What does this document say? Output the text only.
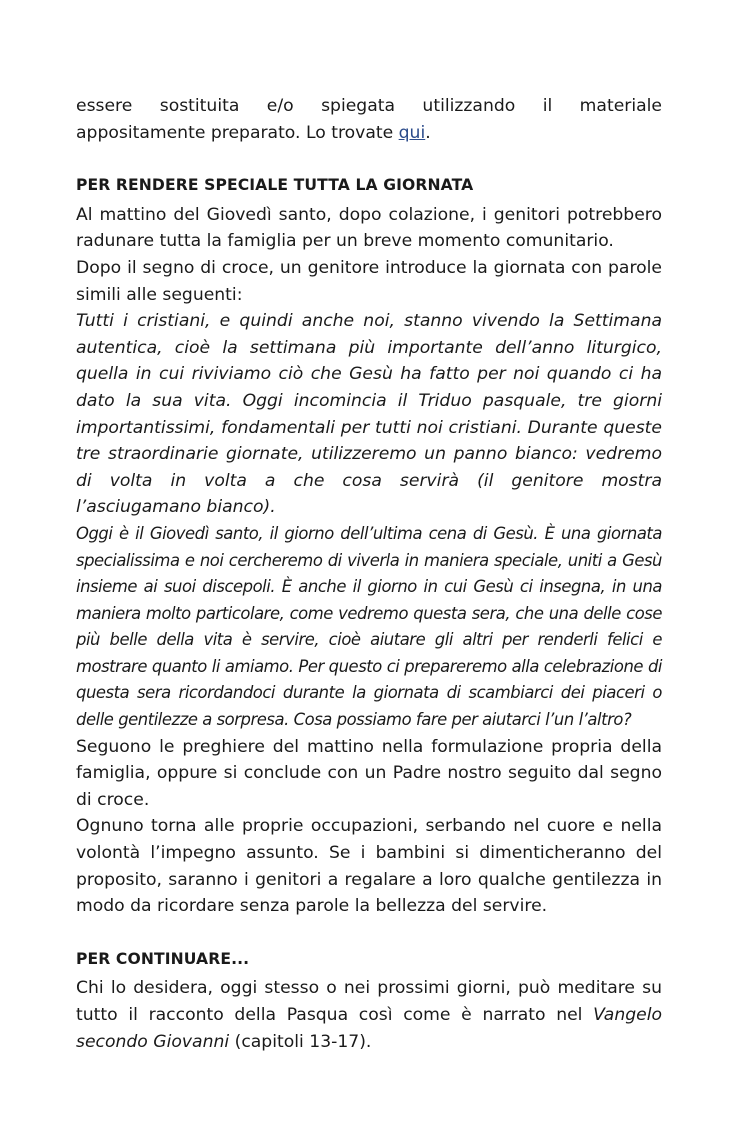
essere sostituita e/o spiegata utilizzando il materiale appositamente preparato. Lo trovate qui.

PER RENDERE SPECIALE TUTTA LA GIORNATA

Al mattino del Giovedì santo, dopo colazione, i genitori potrebbero radunare tutta la famiglia per un breve momento comunitario.

Dopo il segno di croce, un genitore introduce la giornata con parole simili alle seguenti:

Tutti i cristiani, e quindi anche noi, stanno vivendo la Settimana autentica, cioè la settimana più importante dell’anno liturgico, quella in cui riviviamo ciò che Gesù ha fatto per noi quando ci ha dato la sua vita. Oggi incomincia il Triduo pasquale, tre giorni importantissimi, fondamentali per tutti noi cristiani. Durante queste tre straordinarie giornate, utilizzeremo un panno bianco: vedremo di volta in volta a che cosa servirà (il genitore mostra l’asciugamano bianco).

Oggi è il Giovedì santo, il giorno dell’ultima cena di Gesù. È una giornata specialissima e noi cercheremo di viverla in maniera speciale, uniti a Gesù insieme ai suoi discepoli. È anche il giorno in cui Gesù ci insegna, in una maniera molto particolare, come vedremo questa sera, che una delle cose più belle della vita è servire, cioè aiutare gli altri per renderli felici e mostrare quanto li amiamo. Per questo ci prepareremo alla celebrazione di questa sera ricordandoci durante la giornata di scambiarci dei piaceri o delle gentilezze a sorpresa. Cosa possiamo fare per aiutarci l’un l’altro?

Seguono le preghiere del mattino nella formulazione propria della famiglia, oppure si conclude con un Padre nostro seguito dal segno di croce.

Ognuno torna alle proprie occupazioni, serbando nel cuore e nella volontà l’impegno assunto. Se i bambini si dimenticheranno del proposito, saranno i genitori a regalare a loro qualche gentilezza in modo da ricordare senza parole la bellezza del servire.

PER CONTINUARE...

Chi lo desidera, oggi stesso o nei prossimi giorni, può meditare su tutto il racconto della Pasqua così come è narrato nel Vangelo secondo Giovanni (capitoli 13-17).
